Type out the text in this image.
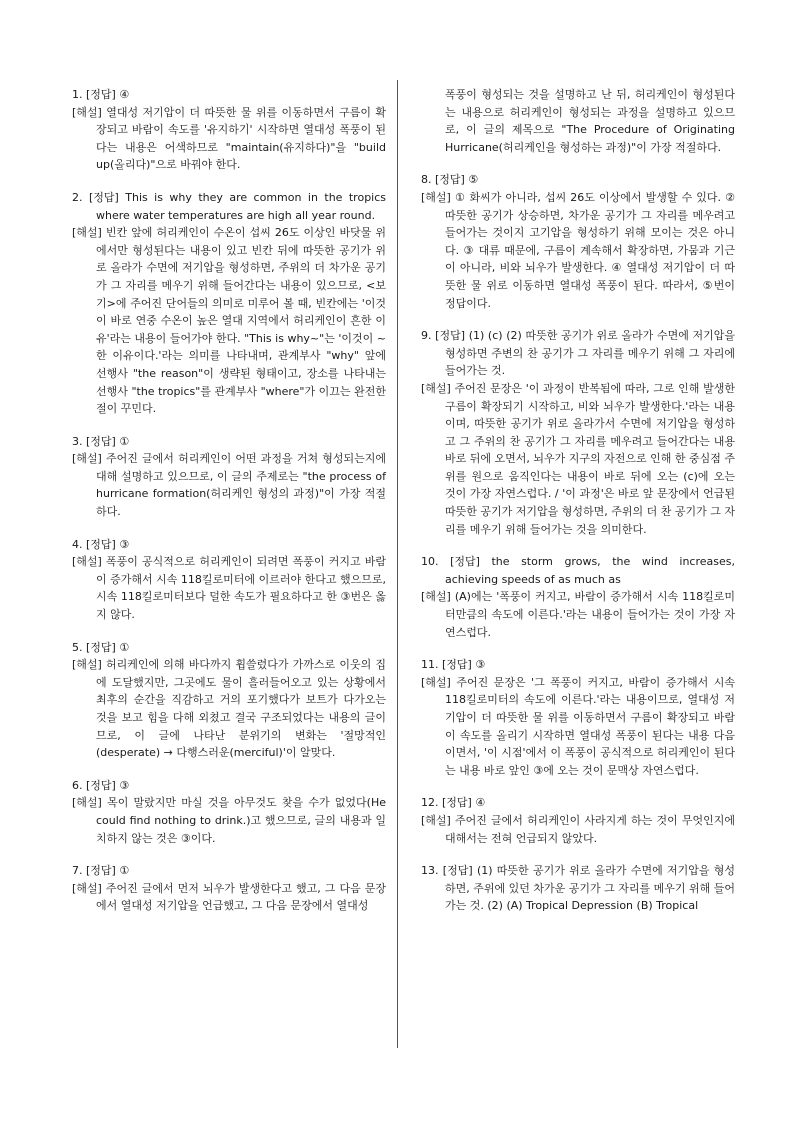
1. [정답] ④

[해설] 열대성 저기압이 더 따뜻한 물 위를 이동하면서 구름이 확장되고 바람이 속도를 '유지하기' 시작하면 열대성 폭풍이 된다는 내용은 어색하므로 "maintain(유지하다)"을 "build up(올리다)"으로 바꿔야 한다.

2. [정답] This is why they are common in the tropics where water temperatures are high all year round.

[해설] 빈칸 앞에 허리케인이 수온이 섭씨 26도 이상인 바닷물 위에서만 형성된다는 내용이 있고 빈칸 뒤에 따뜻한 공기가 위로 올라가 수면에 저기압을 형성하면, 주위의 더 차가운 공기가 그 자리를 메우기 위해 들어간다는 내용이 있으므로, <보기>에 주어진 단어들의 의미로 미루어 볼 때, 빈칸에는 '이것이 바로 연중 수온이 높은 열대 지역에서 허리케인이 흔한 이유'라는 내용이 들어가야 한다. "This is why~"는 '이것이 ~한 이유이다.'라는 의미를 나타내며, 관계부사 "why" 앞에 선행사 "the reason"이 생략된 형태이고, 장소를 나타내는 선행사 "the tropics"를 관계부사 "where"가 이끄는 완전한 절이 꾸민다.

3. [정답] ①

[해설] 주어진 글에서 허리케인이 어떤 과정을 거쳐 형성되는지에 대해 설명하고 있으므로, 이 글의 주제로는 "the process of hurricane formation(허리케인 형성의 과정)"이 가장 적절하다.

4. [정답] ③

[해설] 폭풍이 공식적으로 허리케인이 되려면 폭풍이 커지고 바람이 증가해서 시속 118킬로미터에 이르러야 한다고 했으므로, 시속 118킬로미터보다 덜한 속도가 필요하다고 한 ③번은 옳지 않다.

5. [정답] ①

[해설] 허리케인에 의해 바다까지 휩쓸렸다가 가까스로 이웃의 집에 도달했지만, 그곳에도 물이 흘러들어오고 있는 상황에서 최후의 순간을 직감하고 거의 포기했다가 보트가 다가오는 것을 보고 힘을 다해 외쳤고 결국 구조되었다는 내용의 글이므로, 이 글에 나타난 분위기의 변화는 '절망적인(desperate) → 다행스러운(merciful)'이 알맞다.

6. [정답] ③

[해설] 목이 말랐지만 마실 것을 아무것도 찾을 수가 없었다(He could find nothing to drink.)고 했으므로, 글의 내용과 일치하지 않는 것은 ③이다.

7. [정답] ①

[해설] 주어진 글에서 먼저 뇌우가 발생한다고 했고, 그 다음 문장에서 열대성 저기압을 언급했고, 그 다음 문장에서 열대성

폭풍이 형성되는 것을 설명하고 난 뒤, 허리케인이 형성된다는 내용으로 허리케인이 형성되는 과정을 설명하고 있으므로, 이 글의 제목으로 "The Procedure of Originating Hurricane(허리케인을 형성하는 과정)"이 가장 적절하다.

8. [정답] ⑤

[해설] ① 화씨가 아니라, 섭씨 26도 이상에서 발생할 수 있다. ② 따뜻한 공기가 상승하면, 차가운 공기가 그 자리를 메우려고 들어가는 것이지 고기압을 형성하기 위해 모이는 것은 아니다. ③ 대류 때문에, 구름이 계속해서 확장하면, 가뭄과 기근이 아니라, 비와 뇌우가 발생한다. ④ 열대성 저기압이 더 따뜻한 물 위로 이동하면 열대성 폭풍이 된다. 따라서, ⑤번이 정답이다.

9. [정답] (1) (c) (2) 따뜻한 공기가 위로 올라가 수면에 저기압을 형성하면 주변의 찬 공기가 그 자리를 메우기 위해 그 자리에 들어가는 것.

[해설] 주어진 문장은 '이 과정이 반복됨에 따라, 그로 인해 발생한 구름이 확장되기 시작하고, 비와 뇌우가 발생한다.'라는 내용이며, 따뜻한 공기가 위로 올라가서 수면에 저기압을 형성하고 그 주위의 찬 공기가 그 자리를 메우려고 들어간다는 내용 바로 뒤에 오면서, 뇌우가 지구의 자전으로 인해 한 중심점 주위를 원으로 움직인다는 내용이 바로 뒤에 오는 (c)에 오는 것이 가장 자연스럽다. / '이 과정'은 바로 앞 문장에서 언급된 따뜻한 공기가 저기압을 형성하면, 주위의 더 찬 공기가 그 자리를 메우기 위해 들어가는 것을 의미한다.

10. [정답] the storm grows, the wind increases, achieving speeds of as much as

[해설] (A)에는 '폭풍이 커지고, 바람이 증가해서 시속 118킬로미터만큼의 속도에 이른다.'라는 내용이 들어가는 것이 가장 자연스럽다.

11. [정답] ③

[해설] 주어진 문장은 '그 폭풍이 커지고, 바람이 증가해서 시속 118킬로미터의 속도에 이른다.'라는 내용이므로, 열대성 저기압이 더 따뜻한 물 위를 이동하면서 구름이 확장되고 바람이 속도를 올리기 시작하면 열대성 폭풍이 된다는 내용 다음이면서, '이 시점'에서 이 폭풍이 공식적으로 허리케인이 된다는 내용 바로 앞인 ③에 오는 것이 문맥상 자연스럽다.

12. [정답] ④

[해설] 주어진 글에서 허리케인이 사라지게 하는 것이 무엇인지에 대해서는 전혀 언급되지 않았다.

13. [정답] (1) 따뜻한 공기가 위로 올라가 수면에 저기압을 형성하면, 주위에 있던 차가운 공기가 그 자리를 메우기 위해 들어가는 것. (2) (A) Tropical Depression (B) Tropical
